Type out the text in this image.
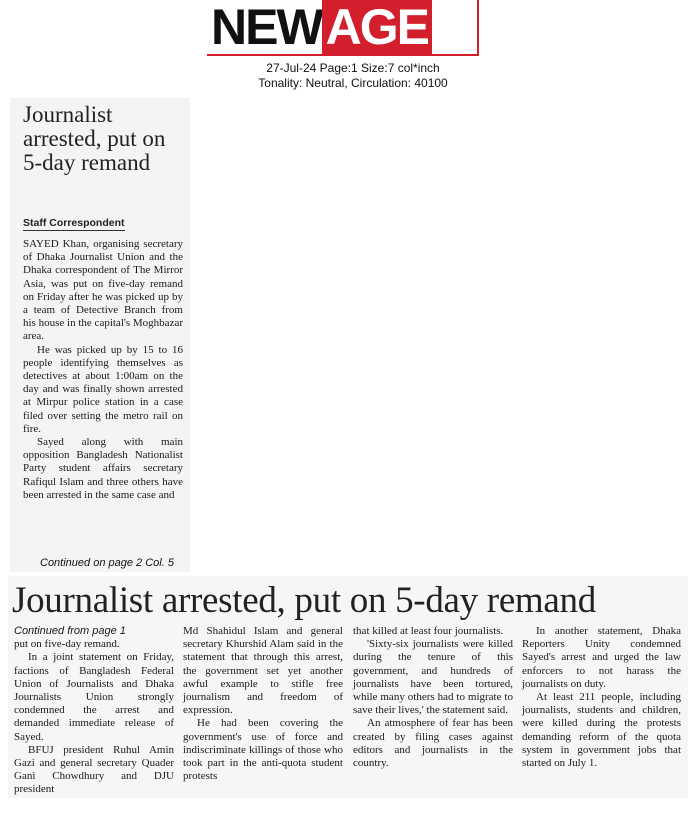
NEWAGE
27-Jul-24 Page:1 Size:7 col*inch
Tonality: Neutral, Circulation: 40100
Journalist arrested, put on 5-day remand
Staff Correspondent

SAYED Khan, organising secretary of Dhaka Journalist Union and the Dhaka correspondent of The Mirror Asia, was put on five-day remand on Friday after he was picked up by a team of Detective Branch from his house in the capital's Moghbazar area.

He was picked up by 15 to 16 people identifying themselves as detectives at about 1:00am on the day and was finally shown arrested at Mirpur police station in a case filed over setting the metro rail on fire.

Sayed along with main opposition Bangladesh Nationalist Party student affairs secretary Rafiqul Islam and three others have been arrested in the same case and

Continued on page 2 Col. 5
Journalist arrested, put on 5-day remand
Continued from page 1

put on five-day remand.

In a joint statement on Friday, factions of Bangladesh Federal Union of Journalists and Dhaka Journalists Union strongly condemned the arrest and demanded immediate release of Sayed.

BFUJ president Ruhul Amin Gazi and general secretary Quader Gani Chowdhury and DJU president

Md Shahidul Islam and general secretary Khurshid Alam said in the statement that through this arrest, the government set yet another awful example to stifle free journalism and freedom of expression.

He had been covering the government's use of force and indiscriminate killings of those who took part in the anti-quota student protests

that killed at least four journalists.

'Sixty-six journalists were killed during the tenure of this government, and hundreds of journalists have been tortured, while many others had to migrate to save their lives,' the statement said.

An atmosphere of fear has been created by filing cases against editors and journalists in the country.

In another statement, Dhaka Reporters Unity condemned Sayed's arrest and urged the law enforcers to not harass the journalists on duty.

At least 211 people, including journalists, students and children, were killed during the protests demanding reform of the quota system in government jobs that started on July 1.
